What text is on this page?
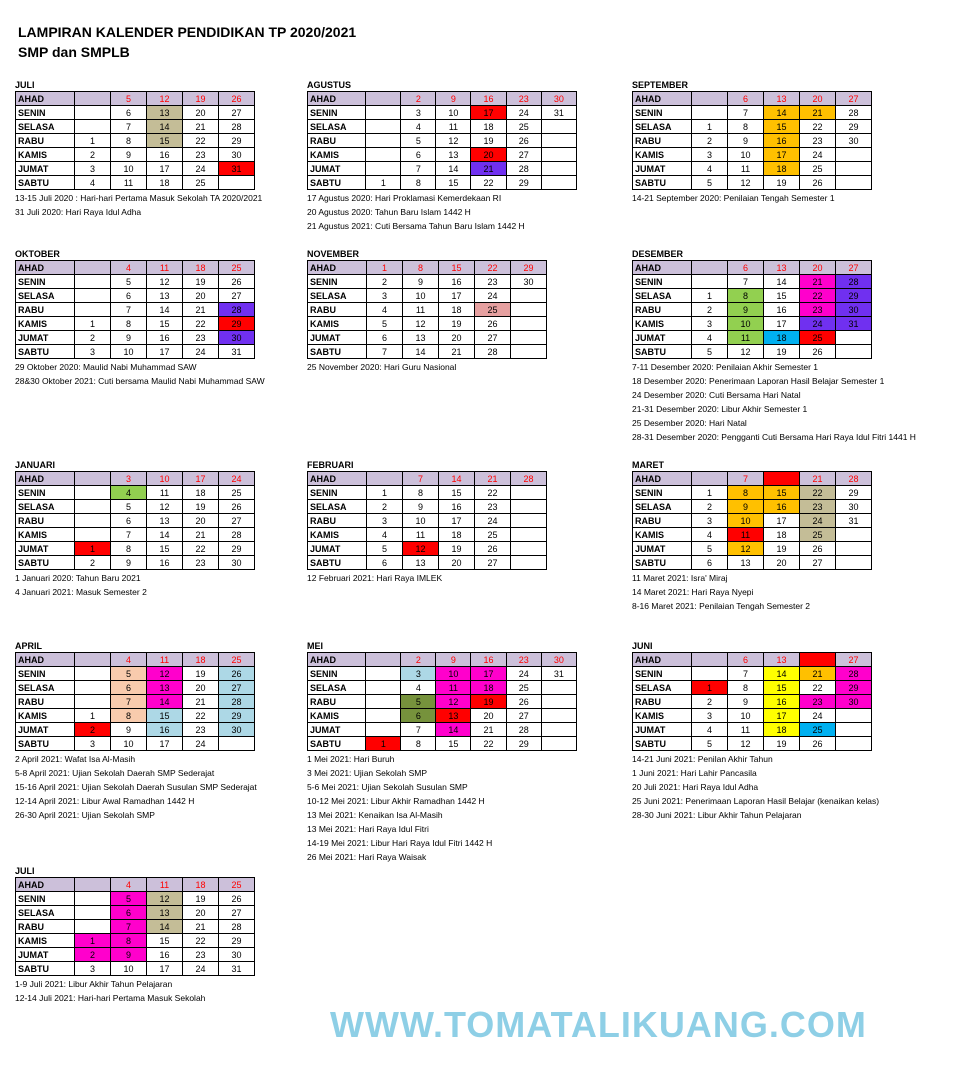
LAMPIRAN KALENDER PENDIDIKAN TP 2020/2021
SMP dan SMPLB
JULI
AHAD		5	12	19	26
SENIN		6	13	20	27
SELASA		7	14	21	28
RABU	1	8	15	22	29
KAMIS	2	9	16	23	30
JUMAT	3	10	17	24	31
SABTU	4	11	18	25	
13-15 Juli 2020 : Hari-hari Pertama Masuk Sekolah TA 2020/2021
31 Juli 2020: Hari Raya Idul Adha
AGUSTUS
AHAD		2	9	16	23	30
SENIN		3	10	17	24	31
SELASA		4	11	18	25	
RABU		5	12	19	26	
KAMIS		6	13	20	27	
JUMAT		7	14	21	28	
SABTU	1	8	15	22	29	
17 Agustus 2020: Hari Proklamasi Kemerdekaan RI
20 Agustus 2020: Tahun Baru Islam 1442 H
21 Agustus 2021: Cuti Bersama Tahun Baru Islam 1442 H
SEPTEMBER
AHAD		6	13	20	27
SENIN		7	14	21	28
SELASA	1	8	15	22	29
RABU	2	9	16	23	30
KAMIS	3	10	17	24	
JUMAT	4	11	18	25	
SABTU	5	12	19	26	
14-21 September 2020: Penilaian Tengah Semester 1
OKTOBER
AHAD		4	11	18	25
SENIN		5	12	19	26
SELASA		6	13	20	27
RABU		7	14	21	28
KAMIS	1	8	15	22	29
JUMAT	2	9	16	23	30
SABTU	3	10	17	24	31
29 Oktober 2020: Maulid Nabi Muhammad SAW
28&30 Oktober 2021: Cuti bersama Maulid Nabi Muhammad SAW
NOVEMBER
AHAD	1	8	15	22	29
SENIN	2	9	16	23	30
SELASA	3	10	17	24	
RABU	4	11	18	25	
KAMIS	5	12	19	26	
JUMAT	6	13	20	27	
SABTU	7	14	21	28	
25 November 2020: Hari Guru Nasional
DESEMBER
AHAD		6	13	20	27
SENIN		7	14	21	28
SELASA	1	8	15	22	29
RABU	2	9	16	23	30
KAMIS	3	10	17	24	31
JUMAT	4	11	18	25	
SABTU	5	12	19	26	
7-11 Desember 2020: Penilaian Akhir Semester 1
18 Desember 2020: Penerimaan Laporan Hasil Belajar Semester 1
24 Desember 2020: Cuti Bersama Hari Natal
21-31 Desember 2020: Libur Akhir Semester 1
25 Desember 2020: Hari Natal
28-31 Desember 2020: Pengganti Cuti Bersama Hari Raya Idul Fitri 1441 H
JANUARI
AHAD		3	10	17	24
SENIN		4	11	18	25
SELASA		5	12	19	26
RABU		6	13	20	27
KAMIS		7	14	21	28
JUMAT	1	8	15	22	29
SABTU	2	9	16	23	30
1 Januari 2020: Tahun Baru 2021
4 Januari 2021: Masuk Semester 2
FEBRUARI
AHAD		7	14	21	28
SENIN	1	8	15	22	
SELASA	2	9	16	23	
RABU	3	10	17	24	
KAMIS	4	11	18	25	
JUMAT	5	12	19	26	
SABTU	6	13	20	27	
12 Februari 2021: Hari Raya IMLEK
MARET
AHAD		7	14	21	28
SENIN	1	8	15	22	29
SELASA	2	9	16	23	30
RABU	3	10	17	24	31
KAMIS	4	11	18	25	
JUMAT	5	12	19	26	
SABTU	6	13	20	27	
11 Maret 2021: Isra' Miraj
14 Maret 2021: Hari Raya Nyepi
8-16 Maret 2021: Penilaian Tengah Semester 2
APRIL
AHAD		4	11	18	25
SENIN		5	12	19	26
SELASA		6	13	20	27
RABU		7	14	21	28
KAMIS	1	8	15	22	29
JUMAT	2	9	16	23	30
SABTU	3	10	17	24	
2 April 2021: Wafat Isa Al-Masih
5-8 April 2021: Ujian Sekolah Daerah SMP Sederajat
15-16 April 2021: Ujian Sekolah Daerah Susulan SMP Sederajat
12-14 April 2021: Libur Awal Ramadhan 1442 H
26-30 April 2021: Ujian Sekolah SMP
MEI
AHAD		2	9	16	23	30
SENIN		3	10	17	24	31
SELASA		4	11	18	25	
RABU		5	12	19	26	
KAMIS		6	13	20	27	
JUMAT		7	14	21	28	
SABTU	1	8	15	22	29	
1 Mei 2021: Hari Buruh
3 Mei 2021: Ujian Sekolah SMP
5-6 Mei 2021: Ujian Sekolah Susulan SMP
10-12 Mei 2021: Libur Akhir Ramadhan 1442 H
13 Mei 2021: Kenaikan Isa Al-Masih
13 Mei 2021: Hari Raya Idul Fitri
14-19 Mei 2021: Libur Hari Raya Idul Fitri 1442 H
26 Mei 2021: Hari Raya Waisak
JUNI
AHAD		6	13	20	27
SENIN		7	14	21	28
SELASA	1	8	15	22	29
RABU	2	9	16	23	30
KAMIS	3	10	17	24	
JUMAT	4	11	18	25	
SABTU	5	12	19	26	
14-21 Juni 2021: Penilan Akhir Tahun
1 Juni 2021: Hari Lahir Pancasila
20 Juli 2021: Hari Raya Idul Adha
25 Juni 2021: Penerimaan Laporan Hasil Belajar (kenaikan kelas)
28-30 Juni 2021: Libur Akhir Tahun Pelajaran
JULI
AHAD		4	11	18	25
SENIN		5	12	19	26
SELASA		6	13	20	27
RABU		7	14	21	28
KAMIS	1	8	15	22	29
JUMAT	2	9	16	23	30
SABTU	3	10	17	24	31
1-9 Juli 2021: Libur Akhir Tahun Pelajaran
12-14 Juli 2021: Hari-hari Pertama Masuk Sekolah
WWW.TOMATALIKUANG.COM
